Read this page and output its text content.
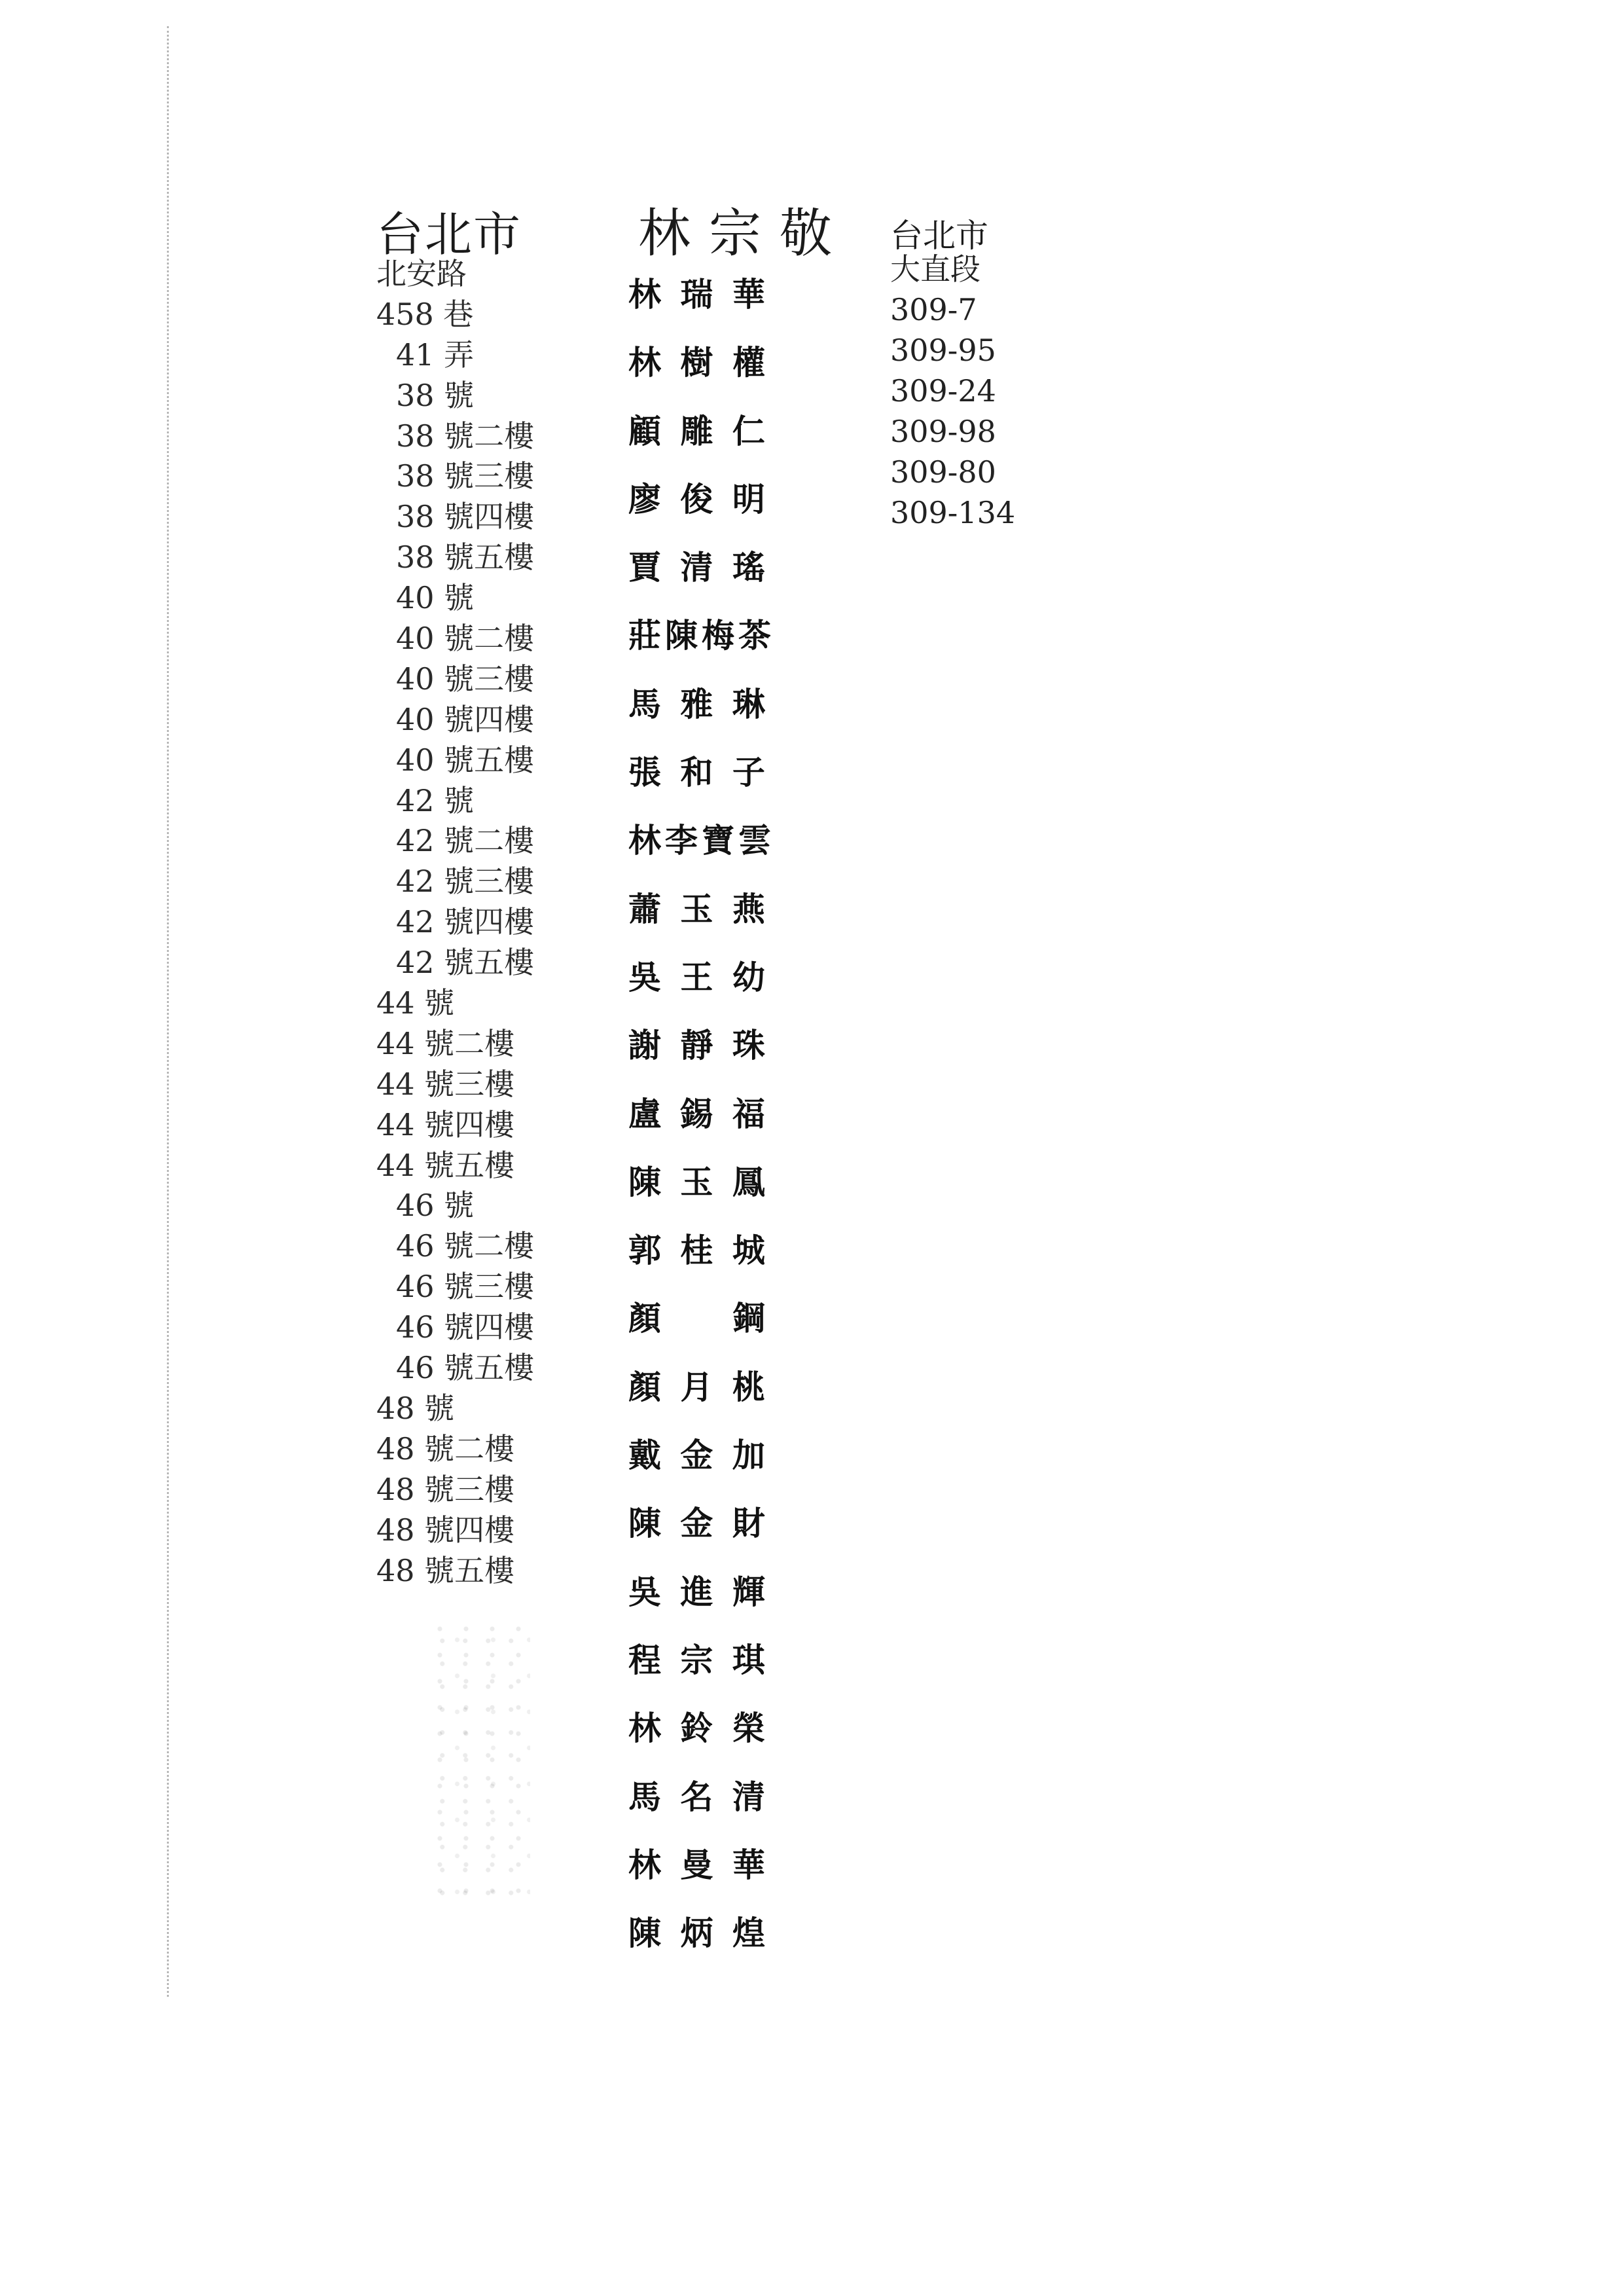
台北市
北安路
458 巷
41 弄
38 號
38 號二樓
38 號三樓
38 號四樓
38 號五樓
40 號
40 號二樓
40 號三樓
40 號四樓
40 號五樓
42 號
42 號二樓
42 號三樓
42 號四樓
42 號五樓
44 號
44 號二樓
44 號三樓
44 號四樓
44 號五樓
46 號
46 號二樓
46 號三樓
46 號四樓
46 號五樓
48 號
48 號二樓
48 號三樓
48 號四樓
48 號五樓
林宗敬
林 瑞 華
林 樹 權
顧 雕 仁
廖 俊 明
賈 清 瑤
莊陳梅茶
馬 雅 琳
張 和 子
林李寶雲
蕭 玉 燕
吳 王 幼
謝 靜 珠
盧 錫 福
陳 玉 鳳
郭 桂 城
顏 　 鋼
顏 月 桃
戴 金 加
陳 金 財
吳 進 輝
程 宗 琪
林 鈴 榮
馬 名 清
林 曼 華
陳 炳 煌
台北市
大直段
309-7
309-95
309-24
309-98
309-80
309-134
